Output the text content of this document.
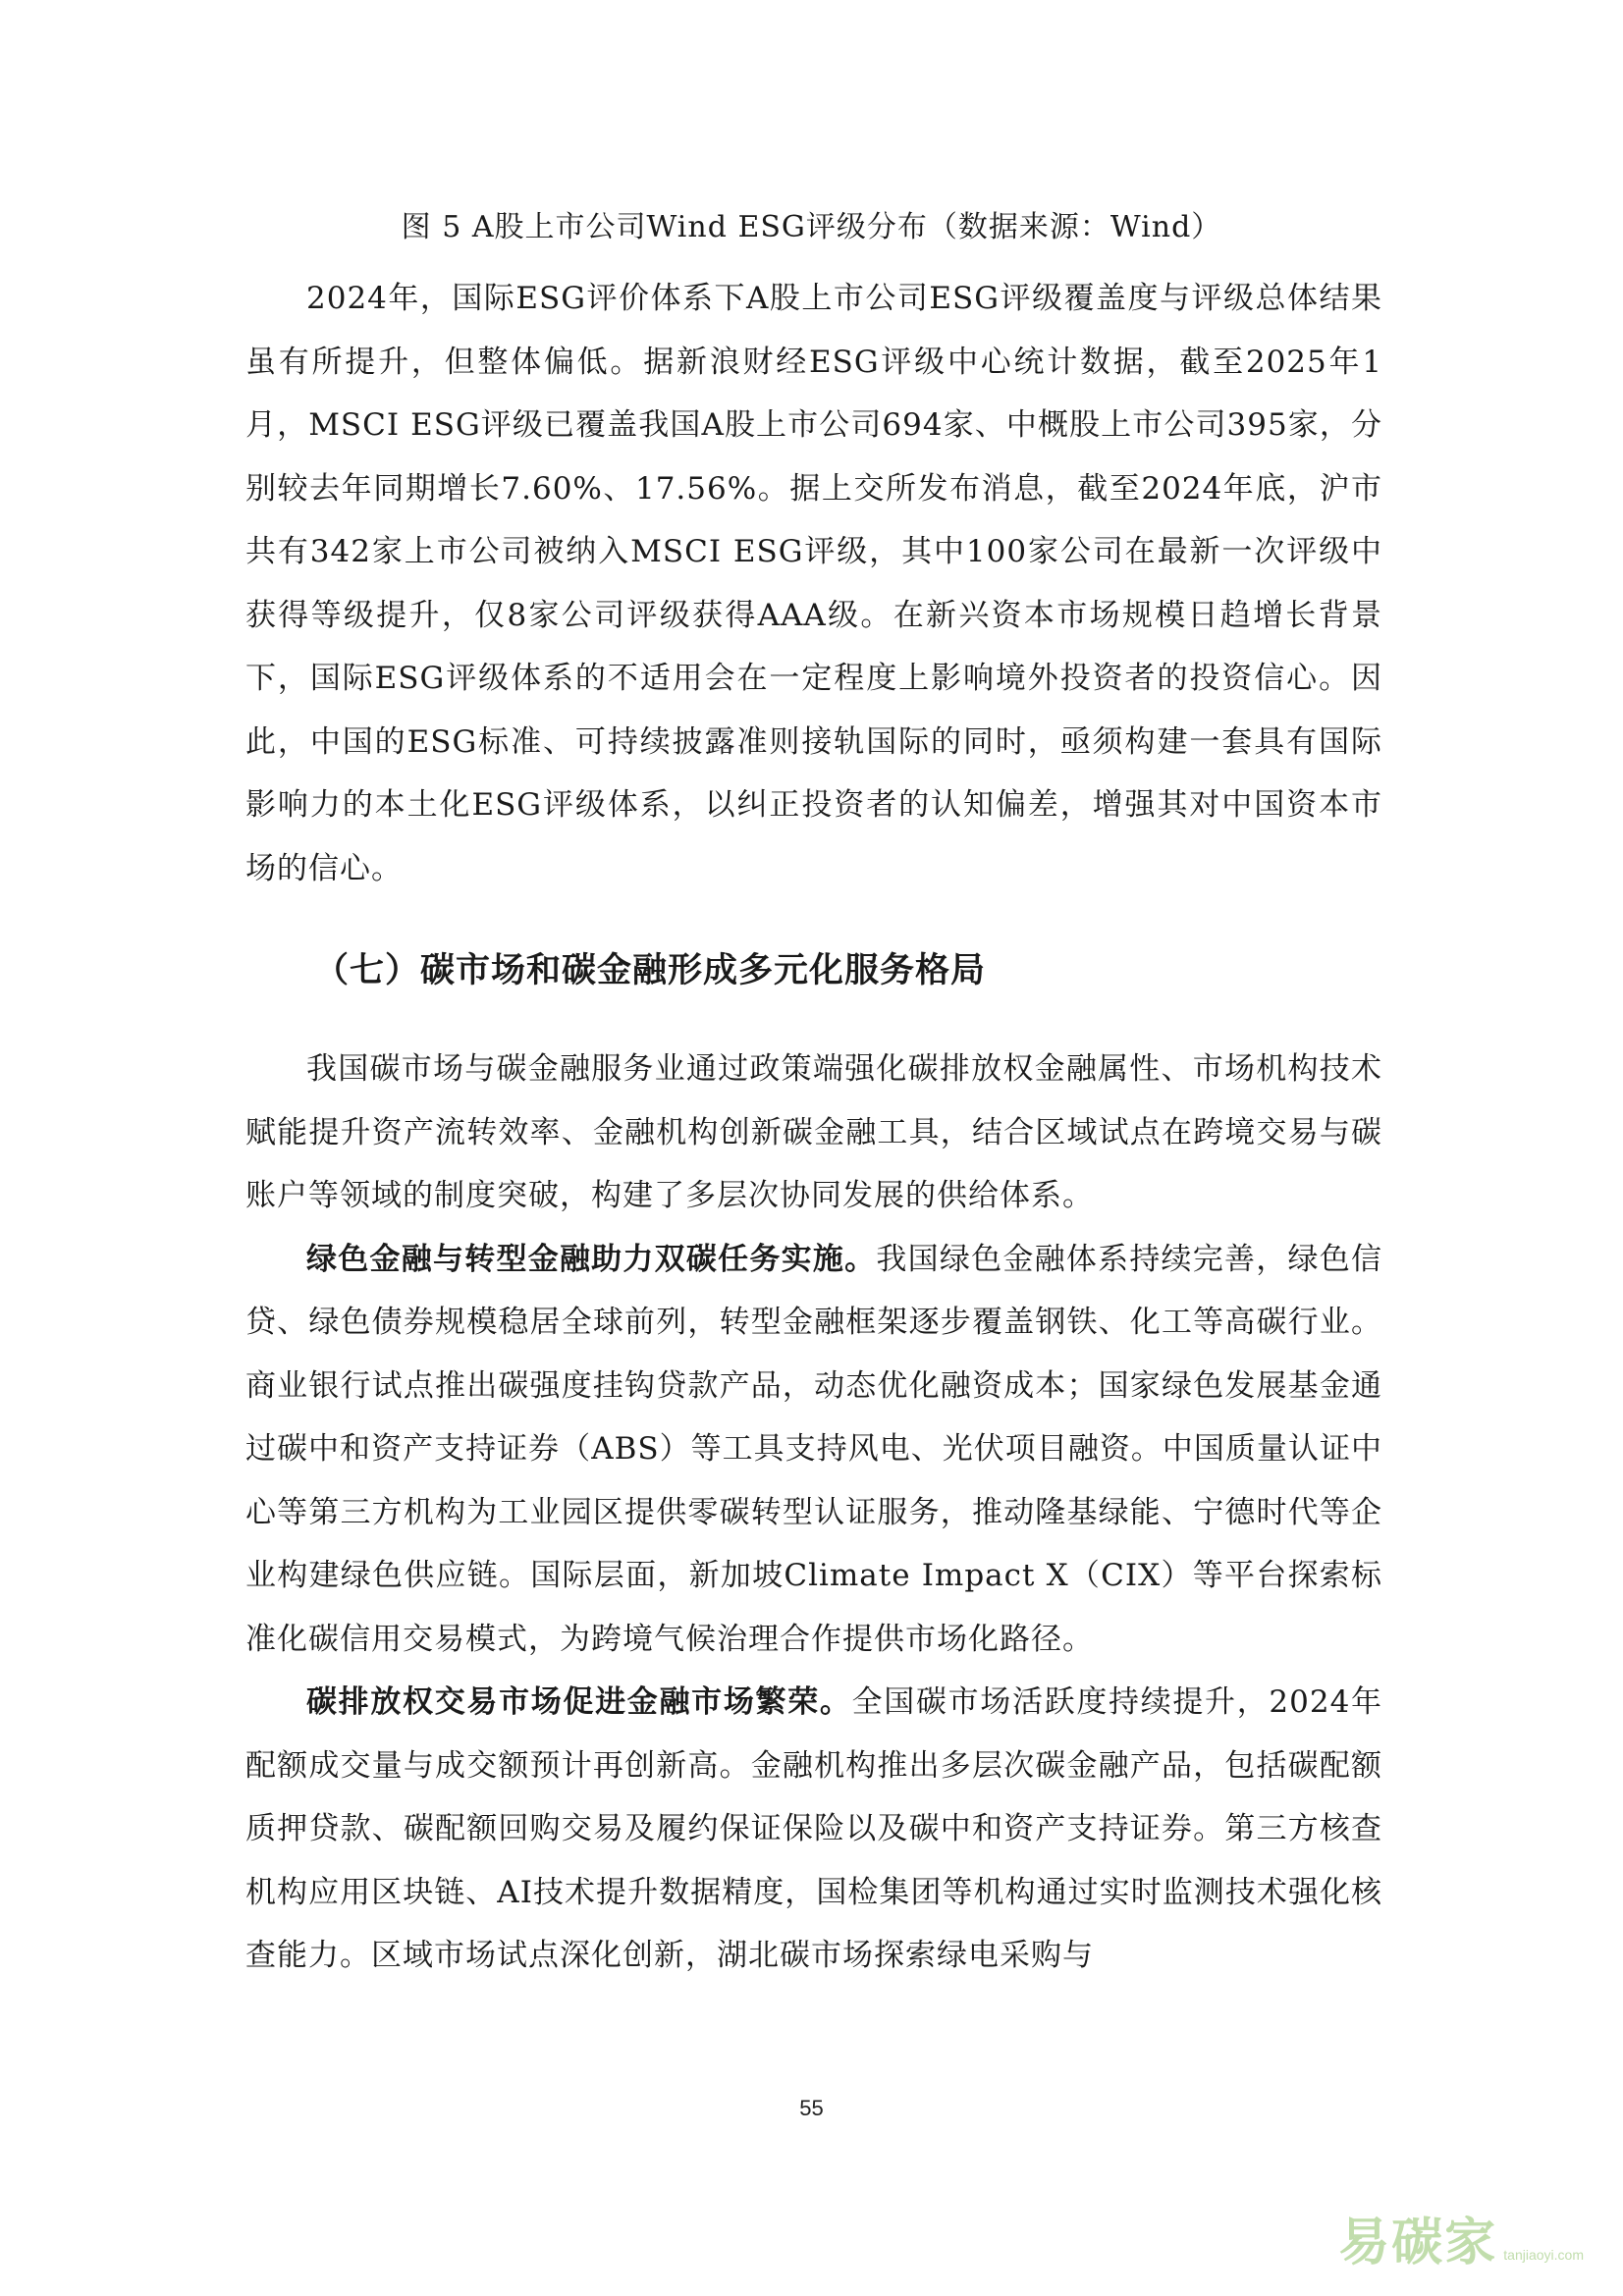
图 5 A股上市公司Wind ESG评级分布（数据来源：Wind）

2024年，国际ESG评价体系下A股上市公司ESG评级覆盖度与评级总体结果虽有所提升，但整体偏低。据新浪财经ESG评级中心统计数据，截至2025年1月，MSCI ESG评级已覆盖我国A股上市公司694家、中概股上市公司395家，分别较去年同期增长7.60%、17.56%。据上交所发布消息，截至2024年底，沪市共有342家上市公司被纳入MSCI ESG评级，其中100家公司在最新一次评级中获得等级提升，仅8家公司评级获得AAA级。在新兴资本市场规模日趋增长背景下，国际ESG评级体系的不适用会在一定程度上影响境外投资者的投资信心。因此，中国的ESG标准、可持续披露准则接轨国际的同时，亟须构建一套具有国际影响力的本土化ESG评级体系，以纠正投资者的认知偏差，增强其对中国资本市场的信心。

（七）碳市场和碳金融形成多元化服务格局

我国碳市场与碳金融服务业通过政策端强化碳排放权金融属性、市场机构技术赋能提升资产流转效率、金融机构创新碳金融工具，结合区域试点在跨境交易与碳账户等领域的制度突破，构建了多层次协同发展的供给体系。

绿色金融与转型金融助力双碳任务实施。我国绿色金融体系持续完善，绿色信贷、绿色债券规模稳居全球前列，转型金融框架逐步覆盖钢铁、化工等高碳行业。商业银行试点推出碳强度挂钩贷款产品，动态优化融资成本；国家绿色发展基金通过碳中和资产支持证券（ABS）等工具支持风电、光伏项目融资。中国质量认证中心等第三方机构为工业园区提供零碳转型认证服务，推动隆基绿能、宁德时代等企业构建绿色供应链。国际层面，新加坡Climate Impact X（CIX）等平台探索标准化碳信用交易模式，为跨境气候治理合作提供市场化路径。

碳排放权交易市场促进金融市场繁荣。全国碳市场活跃度持续提升，2024年配额成交量与成交额预计再创新高。金融机构推出多层次碳金融产品，包括碳配额质押贷款、碳配额回购交易及履约保证保险以及碳中和资产支持证券。第三方核查机构应用区块链、AI技术提升数据精度，国检集团等机构通过实时监测技术强化核查能力。区域市场试点深化创新，湖北碳市场探索绿电采购与

55
易碳家 tanjiaoyi.com
